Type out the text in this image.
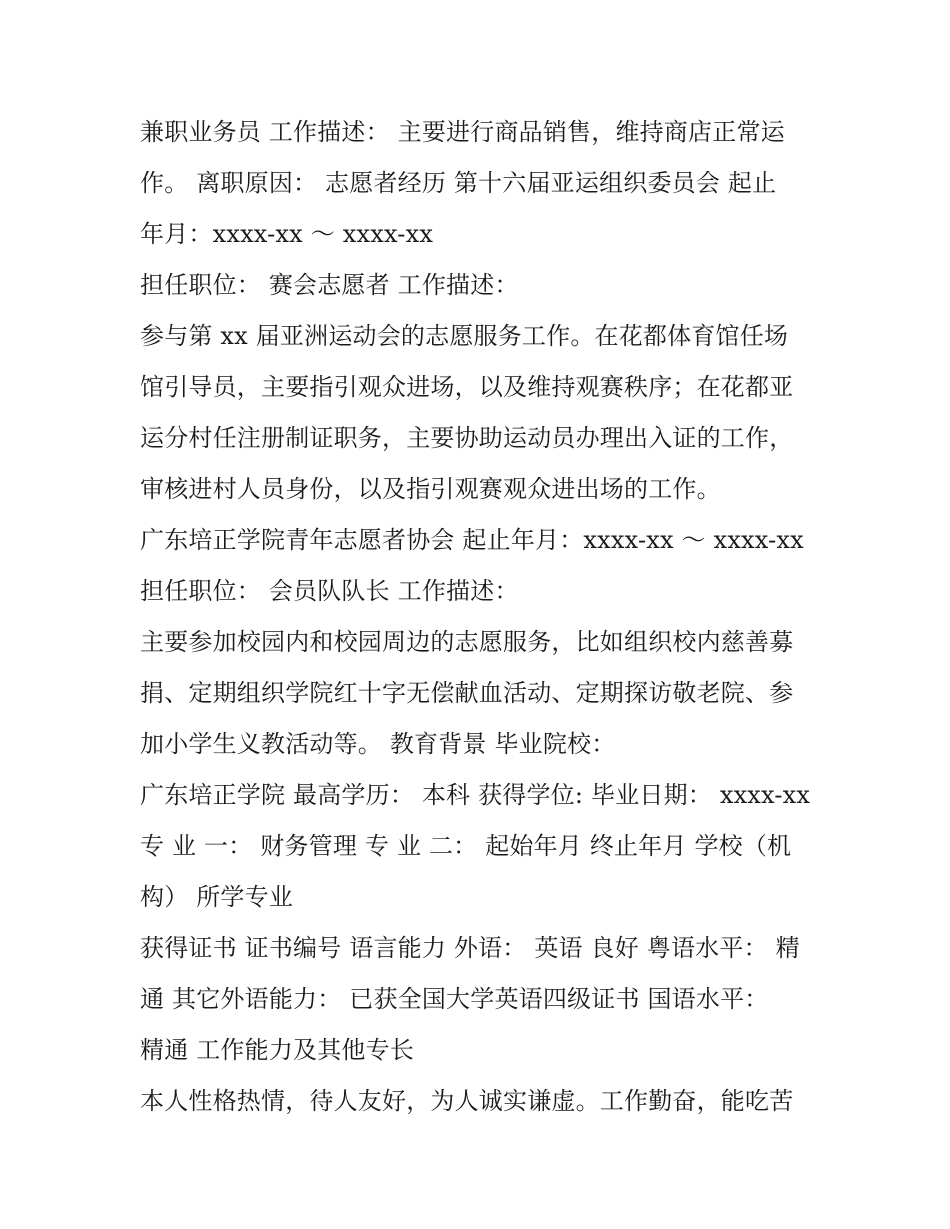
兼职业务员 工作描述： 主要进行商品销售，维持商店正常运
作。 离职原因： 志愿者经历 第十六届亚运组织委员会 起止
年月：xxxx-xx ～ xxxx-xx
担任职位： 赛会志愿者 工作描述：
参与第 xx 届亚洲运动会的志愿服务工作。在花都体育馆任场
馆引导员，主要指引观众进场，以及维持观赛秩序；在花都亚
运分村任注册制证职务，主要协助运动员办理出入证的工作，
审核进村人员身份，以及指引观赛观众进出场的工作。
广东培正学院青年志愿者协会 起止年月：xxxx-xx ～ xxxx-xx
担任职位： 会员队队长 工作描述：
主要参加校园内和校园周边的志愿服务，比如组织校内慈善募
捐、定期组织学院红十字无偿献血活动、定期探访敬老院、参
加小学生义教活动等。 教育背景 毕业院校：
广东培正学院 最高学历： 本科 获得学位: 毕业日期： xxxx-xx
专 业 一： 财务管理 专 业 二： 起始年月 终止年月 学校（机
构） 所学专业
获得证书 证书编号 语言能力 外语： 英语 良好 粤语水平： 精
通 其它外语能力： 已获全国大学英语四级证书 国语水平：
精通 工作能力及其他专长
本人性格热情，待人友好，为人诚实谦虚。工作勤奋，能吃苦
